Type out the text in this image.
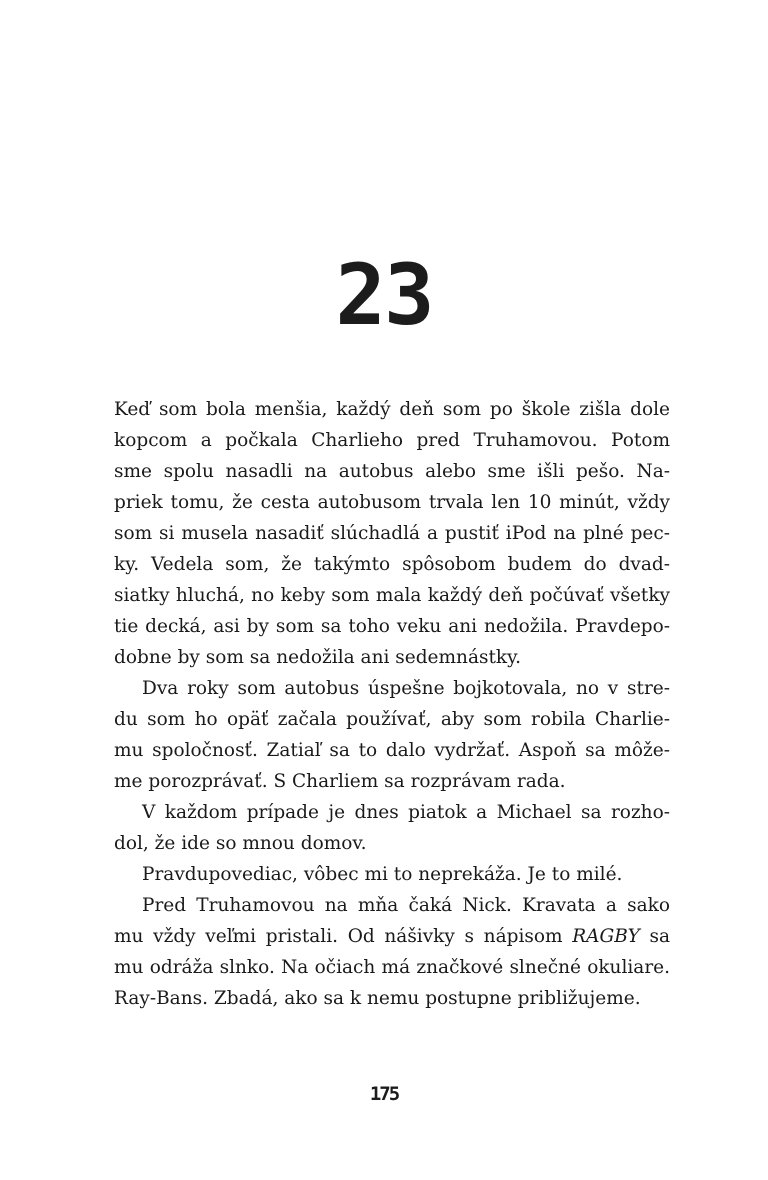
23
Keď som bola menšia, každý deň som po škole zišla dole
kopcom a počkala Charlieho pred Truhamovou. Potom
sme spolu nasadli na autobus alebo sme išli pešo. Na-
priek tomu, že cesta autobusom trvala len 10 minút, vždy
som si musela nasadiť slúchadlá a pustiť iPod na plné pec-
ky. Vedela som, že takýmto spôsobom budem do dvad-
siatky hluchá, no keby som mala každý deň počúvať všetky
tie decká, asi by som sa toho veku ani nedožila. Pravdepo-
dobne by som sa nedožila ani sedemnástky.
Dva roky som autobus úspešne bojkotovala, no v stre-
du som ho opäť začala používať, aby som robila Charlie-
mu spoločnosť. Zatiaľ sa to dalo vydržať. Aspoň sa môže-
me porozprávať. S Charliem sa rozprávam rada.
V každom prípade je dnes piatok a Michael sa rozho-
dol, že ide so mnou domov.
Pravdupovediac, vôbec mi to neprekáža. Je to milé.
Pred Truhamovou na mňa čaká Nick. Kravata a sako
mu vždy veľmi pristali. Od nášivky s nápisom RAGBY sa
mu odráža slnko. Na očiach má značkové slnečné okuliare.
Ray-Bans. Zbadá, ako sa k nemu postupne približujeme.
175
